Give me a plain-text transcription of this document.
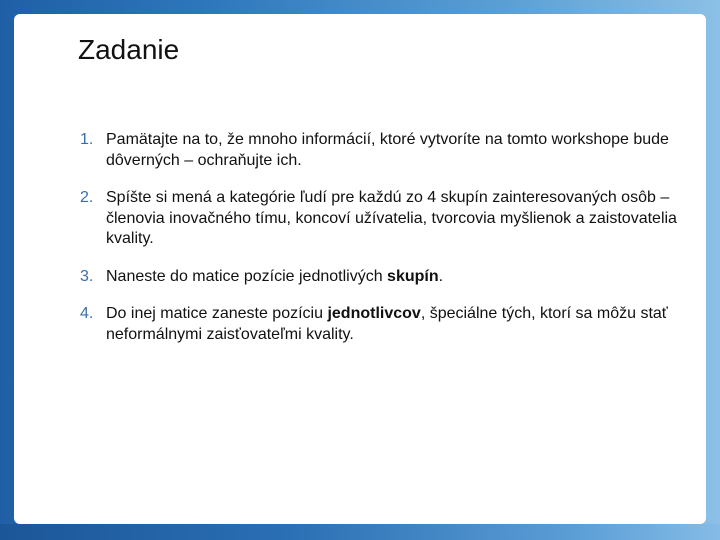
Zadanie
1. Pamätajte na to, že mnoho informácií, ktoré vytvoríte na tomto workshope bude dôverných – ochraňujte ich.
2. Spíšte si mená a kategórie ľudí pre každú zo 4 skupín zainteresovaných osôb – členovia inovačného tímu, koncoví užívatelia, tvorcovia myšlienok a zaistovatelia kvality.
3. Naneste do matice pozície jednotlivých skupín.
4. Do inej matice zaneste pozíciu jednotlivcov, špeciálne tých, ktorí sa môžu stať neformálnymi zaisťovateľmi kvality.
